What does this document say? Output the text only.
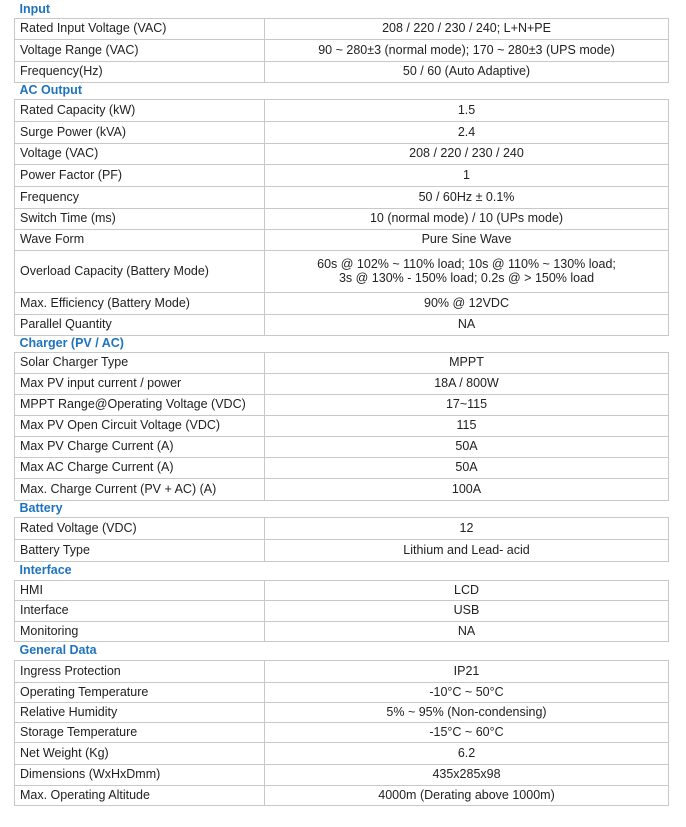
Input	
Rated Input Voltage (VAC)	208 / 220 / 230 / 240; L+N+PE
Voltage Range (VAC)	90 ~ 280±3 (normal mode); 170 ~ 280±3 (UPS mode)
Frequency(Hz)	50 / 60 (Auto Adaptive)
AC Output	
Rated Capacity (kW)	1.5
Surge Power (kVA)	2.4
Voltage (VAC)	208 / 220 / 230 / 240
Power Factor (PF)	1
Frequency	50 / 60Hz ± 0.1%
Switch Time (ms)	10 (normal mode) / 10 (UPs mode)
Wave Form	Pure Sine Wave
Overload Capacity (Battery Mode)	60s @ 102% ~ 110% load; 10s @ 110% ~ 130% load;
3s @ 130% - 150% load; 0.2s @ > 150% load

Max. Efficiency (Battery Mode)	90% @ 12VDC
Parallel Quantity	NA
Charger (PV / AC)	
Solar Charger Type	MPPT
Max PV input current / power	18A / 800W
MPPT Range@Operating Voltage (VDC)	17~115
Max PV Open Circuit Voltage (VDC)	115
Max PV Charge Current (A)	50A
Max AC Charge Current (A)	50A
Max. Charge Current (PV + AC) (A)	100A
Battery	
Rated Voltage (VDC)	12
Battery Type	Lithium and Lead- acid
Interface	
HMI	LCD
Interface	USB
Monitoring	NA
General Data	
Ingress Protection	IP21
Operating Temperature	-10°C ~ 50°C
Relative Humidity	5% ~ 95% (Non-condensing)
Storage Temperature	-15°C ~ 60°C
Net Weight (Kg)	6.2
Dimensions (WxHxDmm)	435x285x98
Max. Operating Altitude	4000m (Derating above 1000m)
